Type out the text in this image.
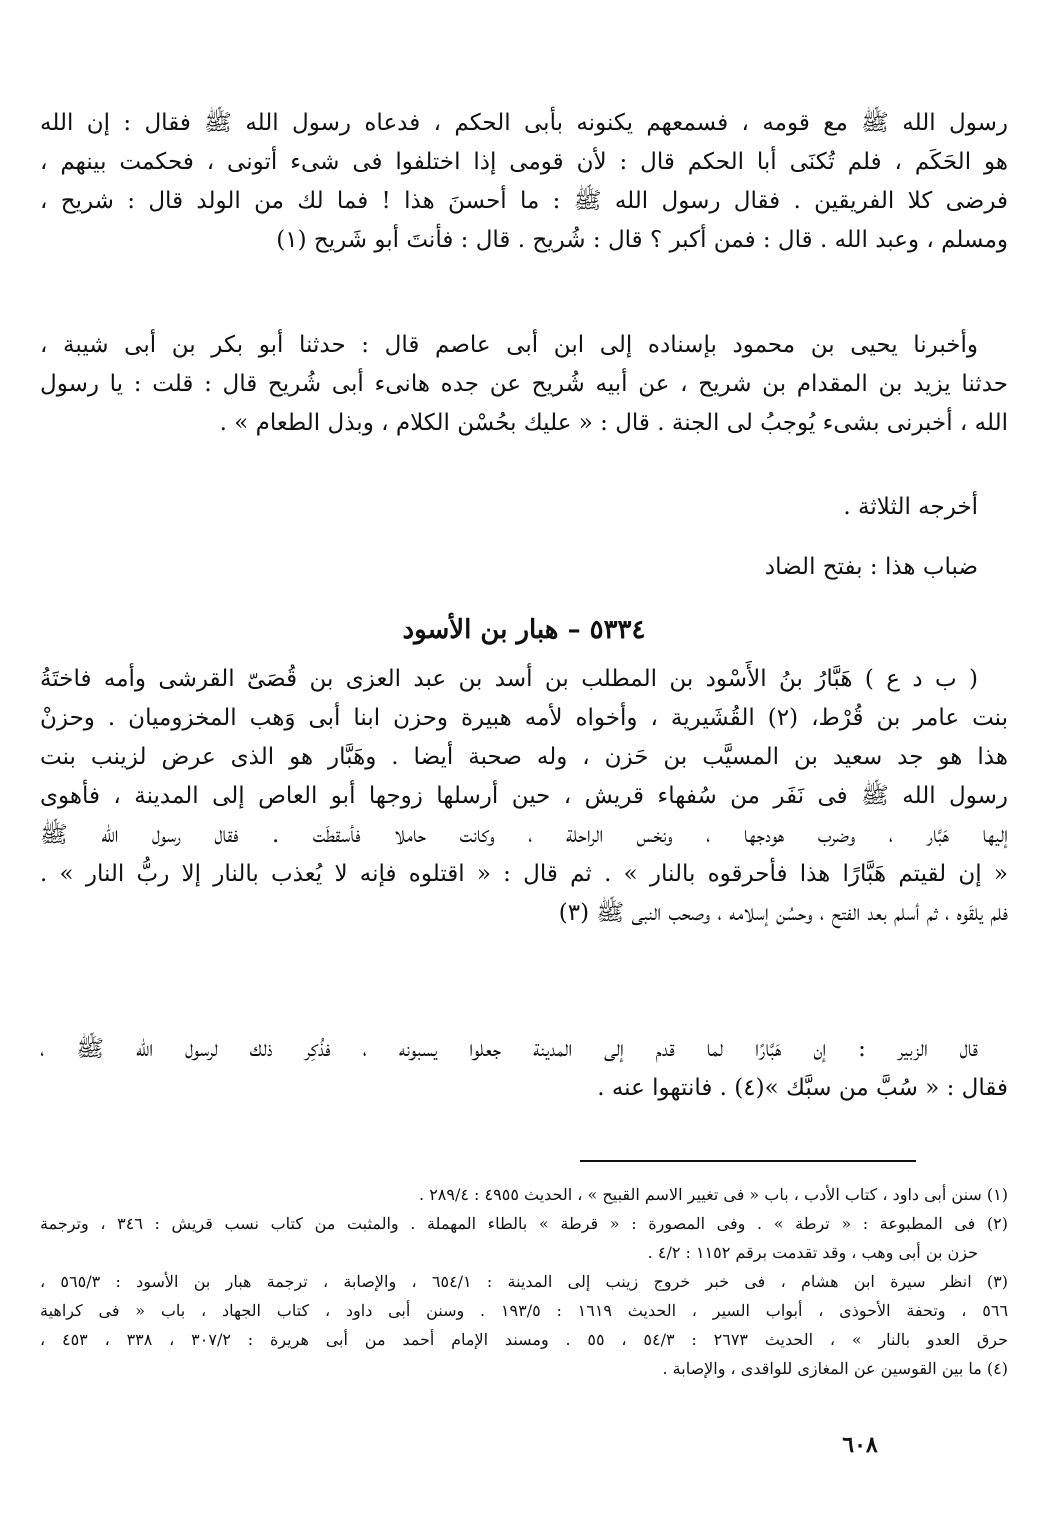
رسول الله ﷺ مع قومه ، فسمعهم يكنونه بأبى الحكم ، فدعاه رسول الله ﷺ فقال : إن الله
هو الحَكَم ، فلم تُكنَى أبا الحكم قال : لأن قومى إذا اختلفوا فى شىء أتونى ، فحكمت بينهم ،
فرضى كلا الفريقين . فقال رسول الله ﷺ : ما أحسنَ هذا ! فما لك من الولد قال : شريح ،
ومسلم ، وعبد الله . قال : فمن أكبر ؟ قال : شُريح . قال : فأنتَ أبو شَريح (١)
وأخبرنا يحيى بن محمود بإسناده إلى ابن أبى عاصم قال : حدثنا أبو بكر بن أبى شيبة ،
حدثنا يزيد بن المقدام بن شريح ، عن أبيه شُريح عن جده هانىء أبى شُريح قال : قلت : يا رسول
الله ، أخبرنى بشىء يُوجبُ لى الجنة . قال : « عليك بحُسْن الكلام ، وبذل الطعام » .
أخرجه الثلاثة .
ضباب هذا : بفتح الضاد
٥٣٣٤ – هبار بن الأسود
( ب د ع ) هَبَّارُ بنُ الأَسْود بن المطلب بن أسد بن عبد العزى بن قُصَىّ القرشى وأمه فاختَةُ
بنت عامر بن قُرْط، (٢) القُشَيرية ، وأخواه لأمه هبيرة وحزن ابنا أبى وَهب المخزوميان . وحزنْ
هذا هو جد سعيد بن المسيَّب بن حَزن ، وله صحبة أيضا . وهَبَّار هو الذى عرض لزينب بنت
رسول الله ﷺ فى نَفَر من سُفهاء قريش ، حين أرسلها زوجها أبو العاص إلى المدينة ، فأهوى
إليها هَبَّار ، وضرب هودجها ، ونخس الراحلة ، وكانت حاملا فأسقطَت . فقال رسول الله ﷺ
« إن لقيتم هَبَّارًا هذا فأحرقوه بالنار » . ثم قال : « اقتلوه فإنه لا يُعذب بالنار إلا ربُّ النار » .
فلم يلقَوه ، ثم أسلم بعد الفتح ، وحسُن إسلامه ، وصحب النبى ﷺ (٣)
قال الزبير : إن هَبَّارًا لما قدم إلى المدينة جعلوا يسبونه ، فذُكِر ذلك لرسول الله ﷺ ،
فقال : « سُبَّ من سبَّك »(٤) . فانتهوا عنه .
(١) سنن أبى داود ، كتاب الأدب ، باب « فى تغيير الاسم القبيح » ، الحديث ٤٩٥٥ : ٢٨٩/٤ .
(٢) فى المطبوعة : « ترطة » . وفى المصورة : « قرطة » بالطاء المهملة . والمثبت من كتاب نسب قريش : ٣٤٦ ، وترجمة
حزن بن أبى وهب ، وقد تقدمت برقم ١١٥٢ : ٤/٢ .
(٣) انظر سيرة ابن هشام ، فى خبر خروج زينب إلى المدينة : ٦٥٤/١ ، والإصابة ، ترجمة هبار بن الأسود : ٥٦٥/٣ ،
٥٦٦ ، وتحفة الأحوذى ، أبواب السير ، الحديث ١٦١٩ : ١٩٣/٥ . وسنن أبى داود ، كتاب الجهاد ، باب « فى كراهية
حرق العدو بالنار » ، الحديث ٢٦٧٣ : ٥٤/٣ ، ٥٥ . ومسند الإمام أحمد من أبى هريرة : ٣٠٧/٢ ، ٣٣٨ ، ٤٥٣ ،
(٤) ما بين القوسين عن المغازى للواقدى ، والإصابة .
٦٠٨
